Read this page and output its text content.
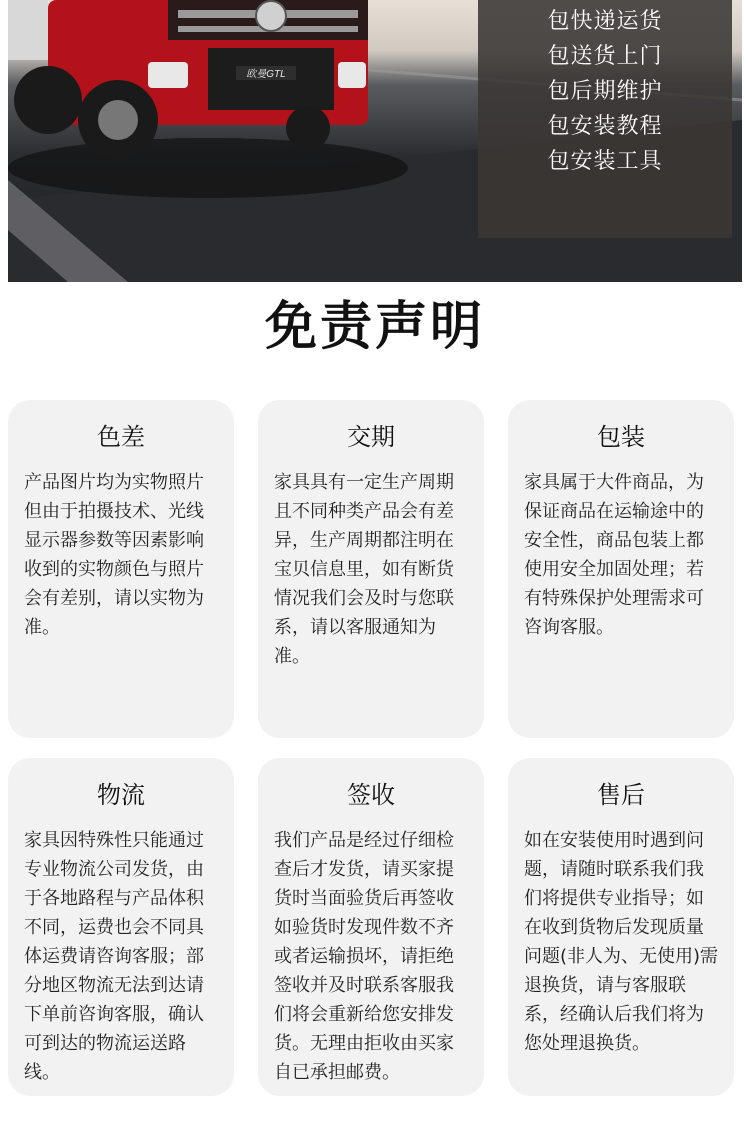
欧曼GTL
包快递运货
包送货上门
包后期维护
包安装教程
包安装工具
免责声明
色差
产品图片均为实物照片但由于拍摄技术、光线显示器参数等因素影响收到的实物颜色与照片会有差别，请以实物为准。
交期
家具具有一定生产周期且不同种类产品会有差异，生产周期都注明在宝贝信息里，如有断货情况我们会及时与您联系，请以客服通知为准。
包装
家具属于大件商品，为保证商品在运输途中的安全性，商品包装上都使用安全加固处理；若有特殊保护处理需求可咨询客服。
物流
家具因特殊性只能通过专业物流公司发货，由于各地路程与产品体积不同，运费也会不同具体运费请咨询客服；部分地区物流无法到达请下单前咨询客服，确认可到达的物流运送路线。
签收
我们产品是经过仔细检查后才发货，请买家提货时当面验货后再签收如验货时发现件数不齐或者运输损坏，请拒绝签收并及时联系客服我们将会重新给您安排发货。无理由拒收由买家自已承担邮费。
售后
如在安装使用时遇到问题，请随时联系我们我们将提供专业指导；如在收到货物后发现质量问题(非人为、无使用)需退换货，请与客服联系，经确认后我们将为您处理退换货。
